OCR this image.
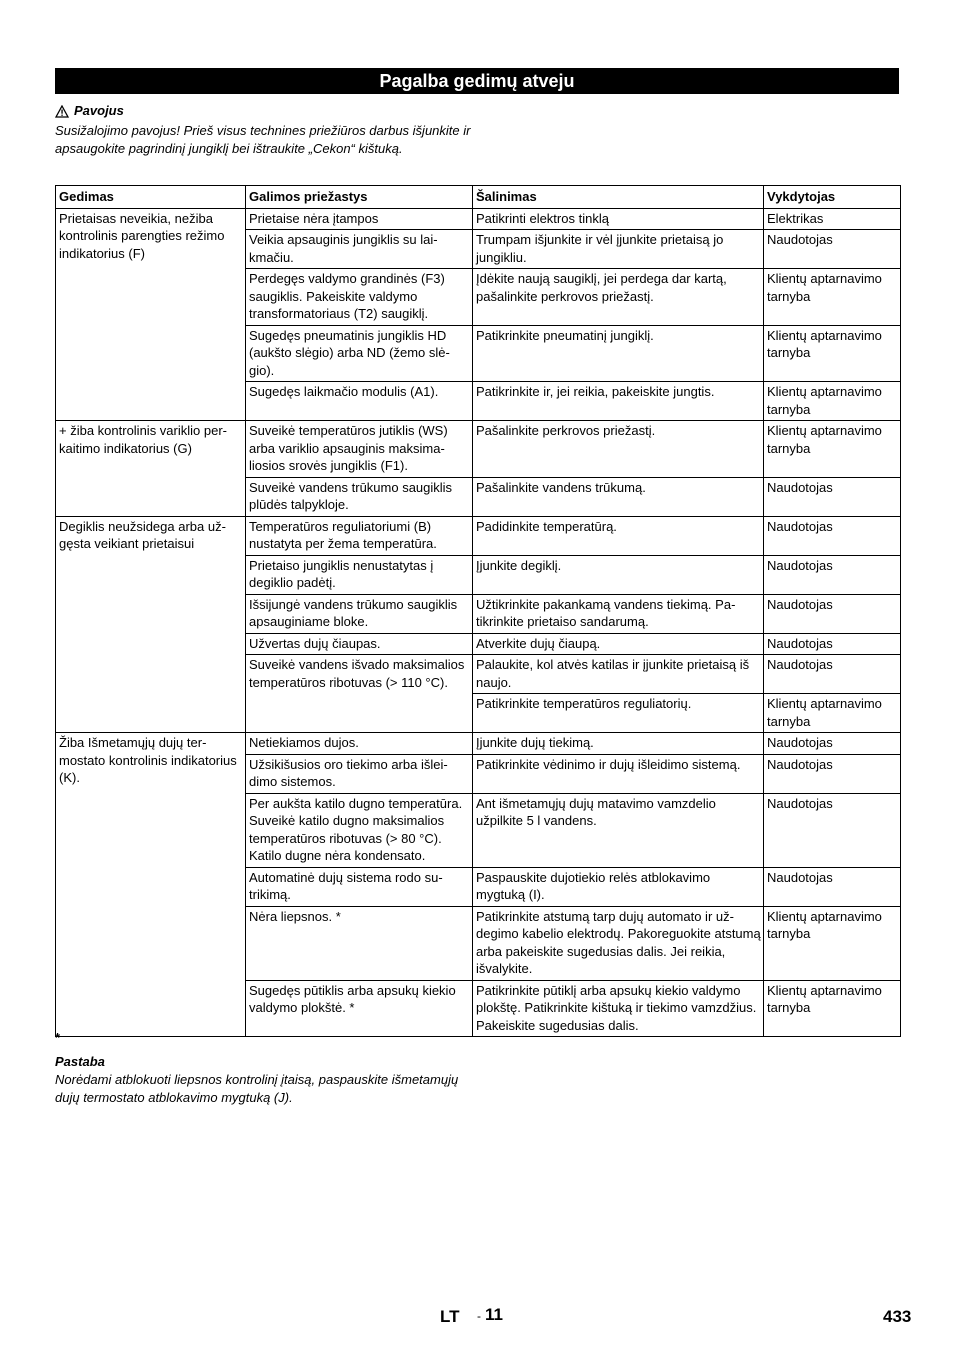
Pagalba gedimų atveju
Pavojus
Susižalojimo pavojus! Prieš visus technines priežiūros darbus išjunkite ir apsaugokite pagrindinį jungiklį bei ištraukite „Cekon“ kištuką.
Gedimas	Galimos priežastys	Šalinimas	Vykdytojas
Prietaisas neveikia, nežiba kontrolinis parengties režimo indikatorius (F)	Prietaise nėra įtampos	Patikrinti elektros tinklą	Elektrikas
	Veikia apsauginis jungiklis su laikmačiu.	Trumpam išjunkite ir vėl įjunkite prietaisą jo jungikliu.	Naudotojas
	Perdegęs valdymo grandinės (F3) saugiklis. Pakeiskite valdymo transformatoriaus (T2) saugiklį.	Įdėkite naują saugiklį, jei perdega dar kartą, pašalinkite perkrovos priežastį.	Klientų aptarnavimo tarnyba
	Sugedęs pneumatinis jungiklis HD (aukšto slėgio) arba ND (žemo slėgio).	Patikrinkite pneumatinį jungiklį.	Klientų aptarnavimo tarnyba
	Sugedęs laikmačio modulis (A1).	Patikrinkite ir, jei reikia, pakeiskite jungtis.	Klientų aptarnavimo tarnyba
+ žiba kontrolinis variklio perkaitimo indikatorius (G)	Suveikė temperatūros jutiklis (WS) arba variklio apsauginis maksimaliosios srovės jungiklis (F1).	Pašalinkite perkrovos priežastį.	Klientų aptarnavimo tarnyba
	Suveikė vandens trūkumo saugiklis plūdės talpykloje.	Pašalinkite vandens trūkumą.	Naudotojas
Degiklis neužsidega arba užgęsta veikiant prietaisui	Temperatūros reguliatoriumi (B) nustatyta per žema temperatūra.	Padidinkite temperatūrą.	Naudotojas
	Prietaiso jungiklis nenustatytas į degiklio padėtį.	Įjunkite degiklį.	Naudotojas
	Išsijungė vandens trūkumo saugiklis apsauginiame bloke.	Užtikrinkite pakankamą vandens tiekimą. Patikrinkite prietaiso sandarumą.	Naudotojas
	Užvertas dujų čiaupas.	Atverkite dujų čiaupą.	Naudotojas
	Suveikė vandens išvado maksimalios temperatūros ribotuvas (> 110 °C).	Palaukite, kol atvės katilas ir įjunkite prietaisą iš naujo.	Naudotojas
		Patikrinkite temperatūros reguliatorių.	Klientų aptarnavimo tarnyba
Žiba Išmetamųjų dujų termostato kontrolinis indikatorius (K).	Netiekiamos dujos.	Įjunkite dujų tiekimą.	Naudotojas
	Užsikišusios oro tiekimo arba išleidimo sistemos.	Patikrinkite vėdinimo ir dujų išleidimo sistemą.	Naudotojas
	Per aukšta katilo dugno temperatūra. Suveikė katilo dugno maksimalios temperatūros ribotuvas (> 80 °C). Katilo dugne nėra kondensato.	Ant išmetamųjų dujų matavimo vamzdelio užpilkite 5 l vandens.	Naudotojas
	Automatinė dujų sistema rodo sutrikimą.	Paspauskite dujotiekio relės atblokavimo mygtuką (I).	Naudotojas
	Nėra liepsnos. *	Patikrinkite atstumą tarp dujų automato ir uždegimo kabelio elektrodų. Pakoreguokite atstumą arba pakeiskite sugedusias dalis. Jei reikia, išvalykite.	Klientų aptarnavimo tarnyba
	Sugedęs pūtiklis arba apsukų kiekio valdymo plokštė. *	Patikrinkite pūtiklį arba apsukų kiekio valdymo plokštę. Patikrinkite kištuką ir tiekimo vamzdžius. Pakeiskite sugedusias dalis.	Klientų aptarnavimo tarnyba
*
Pastaba
Norėdami atblokuoti liepsnos kontrolinį įtaisą, paspauskite išmetamųjų dujų termostato atblokavimo mygtuką (J).
LT - 11	433
